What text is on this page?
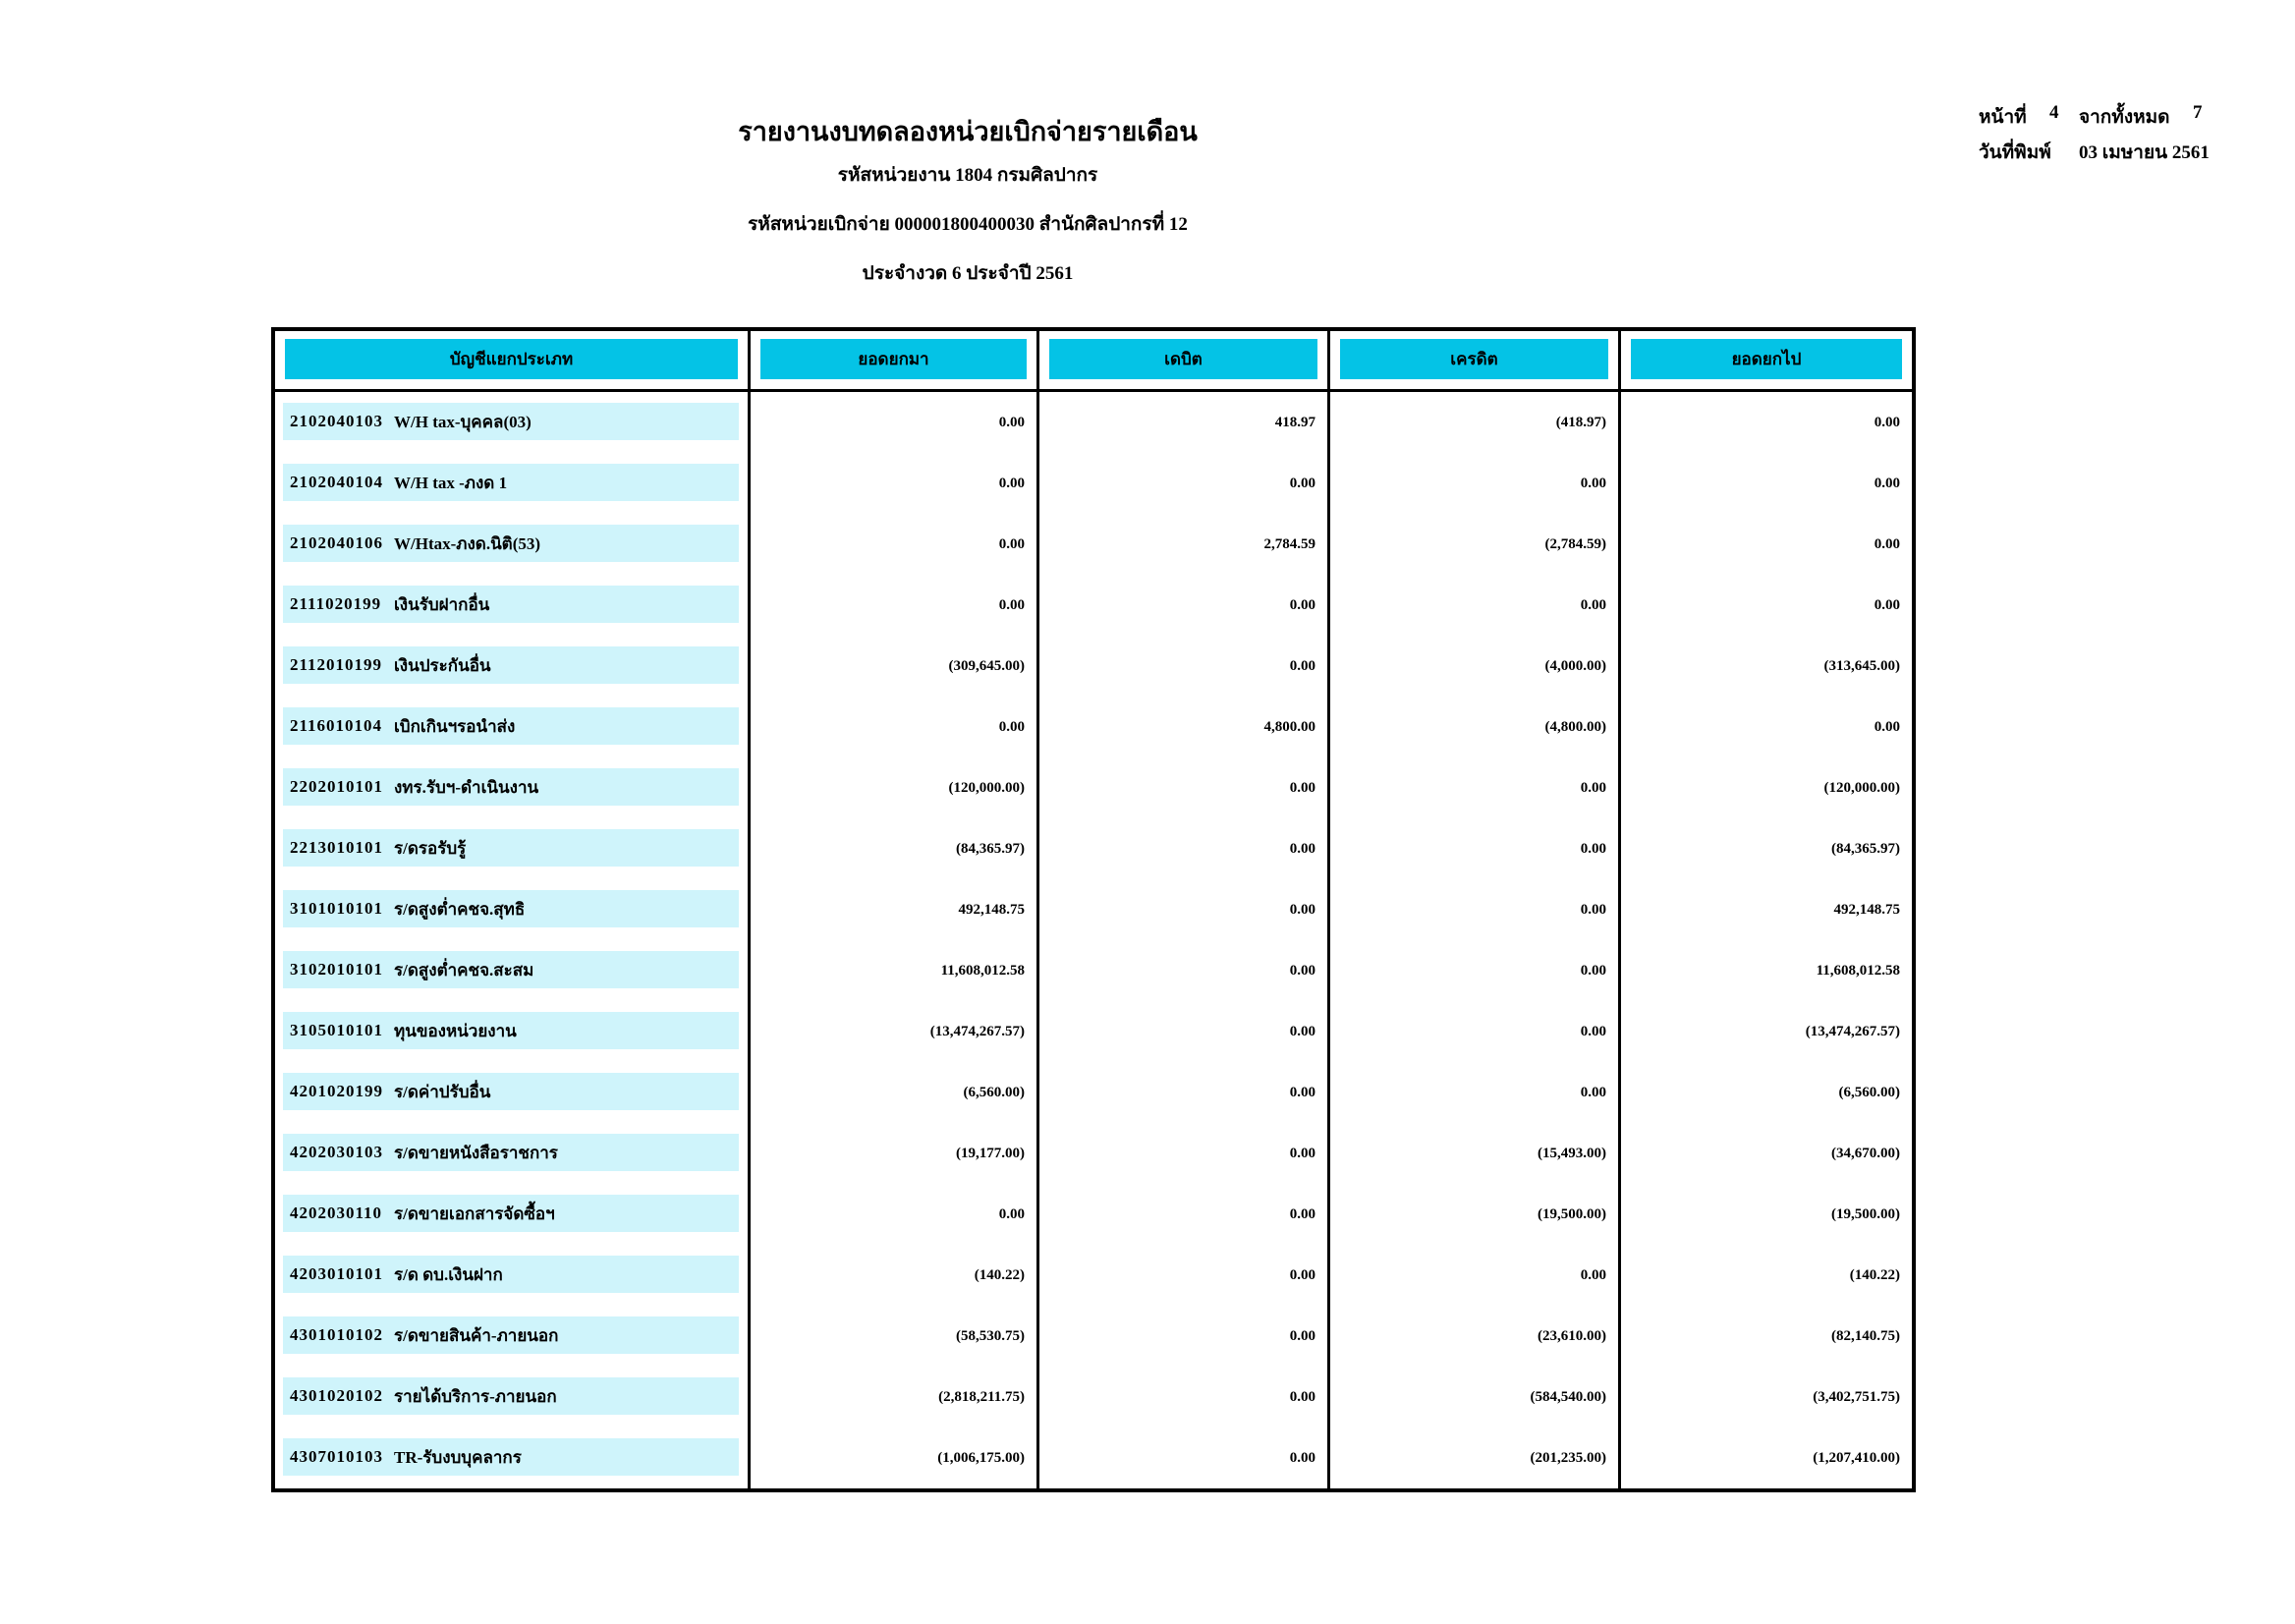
รายงานงบทดลองหน่วยเบิกจ่ายรายเดือน
รหัสหน่วยงาน 1804 กรมศิลปากร
รหัสหน่วยเบิกจ่าย 000001800400030 สำนักศิลปากรที่ 12
ประจำงวด 6 ประจำปี 2561
หน้าที่ 4 จากทั้งหมด 7
วันที่พิมพ์ 03 เมษายน 2561
บัญชีแยกประเภท	ยอดยกมา	เดบิต	เครดิต	ยอดยกไป
2102040103 W/H tax-บุคคล(03)	0.00	418.97	(418.97)	0.00
2102040104 W/H tax -ภงด 1	0.00	0.00	0.00	0.00
2102040106 W/Htax-ภงด.นิติ(53)	0.00	2,784.59	(2,784.59)	0.00
2111020199 เงินรับฝากอื่น	0.00	0.00	0.00	0.00
2112010199 เงินประกันอื่น	(309,645.00)	0.00	(4,000.00)	(313,645.00)
2116010104 เบิกเกินฯรอนำส่ง	0.00	4,800.00	(4,800.00)	0.00
2202010101 งทร.รับฯ-ดำเนินงาน	(120,000.00)	0.00	0.00	(120,000.00)
2213010101 ร/ดรอรับรู้	(84,365.97)	0.00	0.00	(84,365.97)
3101010101 ร/ดสูงต่ำคชจ.สุทธิ	492,148.75	0.00	0.00	492,148.75
3102010101 ร/ดสูงต่ำคชจ.สะสม	11,608,012.58	0.00	0.00	11,608,012.58
3105010101 ทุนของหน่วยงาน	(13,474,267.57)	0.00	0.00	(13,474,267.57)
4201020199 ร/ดค่าปรับอื่น	(6,560.00)	0.00	0.00	(6,560.00)
4202030103 ร/ดขายหนังสือราชการ	(19,177.00)	0.00	(15,493.00)	(34,670.00)
4202030110 ร/ดขายเอกสารจัดซื้อฯ	0.00	0.00	(19,500.00)	(19,500.00)
4203010101 ร/ด ดบ.เงินฝาก	(140.22)	0.00	0.00	(140.22)
4301010102 ร/ดขายสินค้า-ภายนอก	(58,530.75)	0.00	(23,610.00)	(82,140.75)
4301020102 รายได้บริการ-ภายนอก	(2,818,211.75)	0.00	(584,540.00)	(3,402,751.75)
4307010103 TR-รับงบบุคลากร	(1,006,175.00)	0.00	(201,235.00)	(1,207,410.00)
